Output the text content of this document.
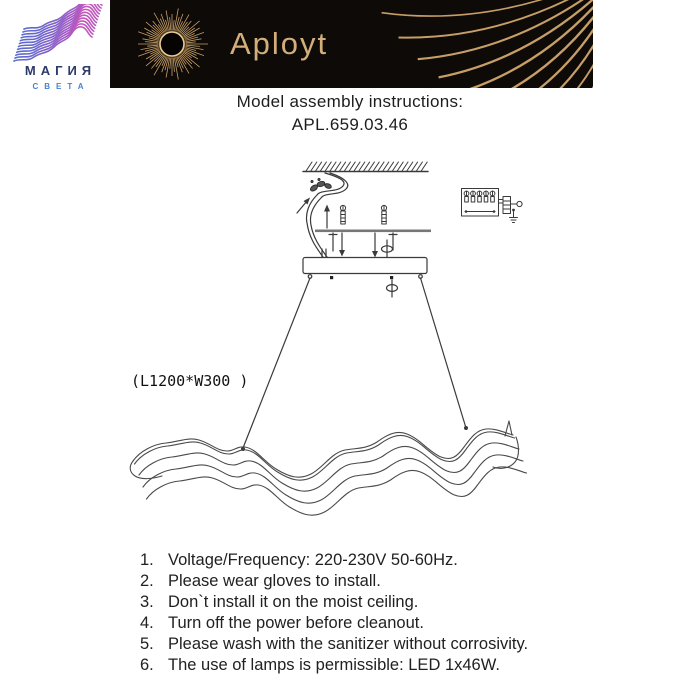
МАГИЯ
СВЕТА
Aployt
Model assembly instructions:
APL.659.03.46
(L1200*W300 )
1. Voltage/Frequency: 220-230V 50-60Hz.
2. Please wear gloves to install.
3. Don`t install it on the moist ceiling.
4. Turn off the power before cleanout.
5. Please wash with the sanitizer without corrosivity.
6. The use of lamps is permissible: LED 1x46W.
